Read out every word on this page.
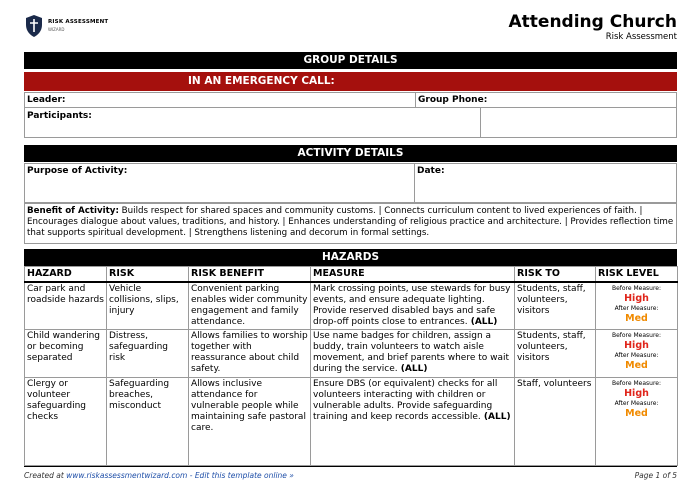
RISK ASSESSMENT
WIZARD	Attending Church
Risk Assessment
GROUP DETAILS
IN AN EMERGENCY CALL:
Leader:	Group Phone:
Participants:
ACTIVITY DETAILS
Purpose of Activity:	Date:
Benefit of Activity: Builds respect for shared spaces and community customs. | Connects curriculum content to lived experiences of faith. | Encourages dialogue about values, traditions, and history. | Enhances understanding of religious practice and architecture. | Provides reflection time that supports spiritual development. | Strengthens listening and decorum in formal settings.
HAZARDS
HAZARD	RISK	RISK BENEFIT	MEASURE	RISK TO	RISK LEVEL
Car park and roadside hazards	Vehicle collisions, slips, injury	Convenient parking enables wider community engagement and family attendance.	Mark crossing points, use stewards for busy events, and ensure adequate lighting. Provide reserved disabled bays and safe drop-off points close to entrances. (ALL)	Students, staff, volunteers, visitors	Before Measure:
High
After Measure:
Med

Child wandering or becoming separated	Distress, safeguarding risk	Allows families to worship together with reassurance about child safety.	Use name badges for children, assign a buddy, train volunteers to watch aisle movement, and brief parents where to wait during the service. (ALL)	Students, staff, volunteers, visitors	Before Measure:
High
After Measure:
Med

Clergy or volunteer safeguarding checks	Safeguarding breaches, misconduct	Allows inclusive attendance for vulnerable people while maintaining safe pastoral care.	Ensure DBS (or equivalent) checks for all volunteers interacting with children or vulnerable adults. Provide safeguarding training and keep records accessible. (ALL)	Staff, volunteers	Before Measure:
High
After Measure:
Med
Created at www.riskassessmentwizard.com - Edit this template online »	Page 1 of 5
